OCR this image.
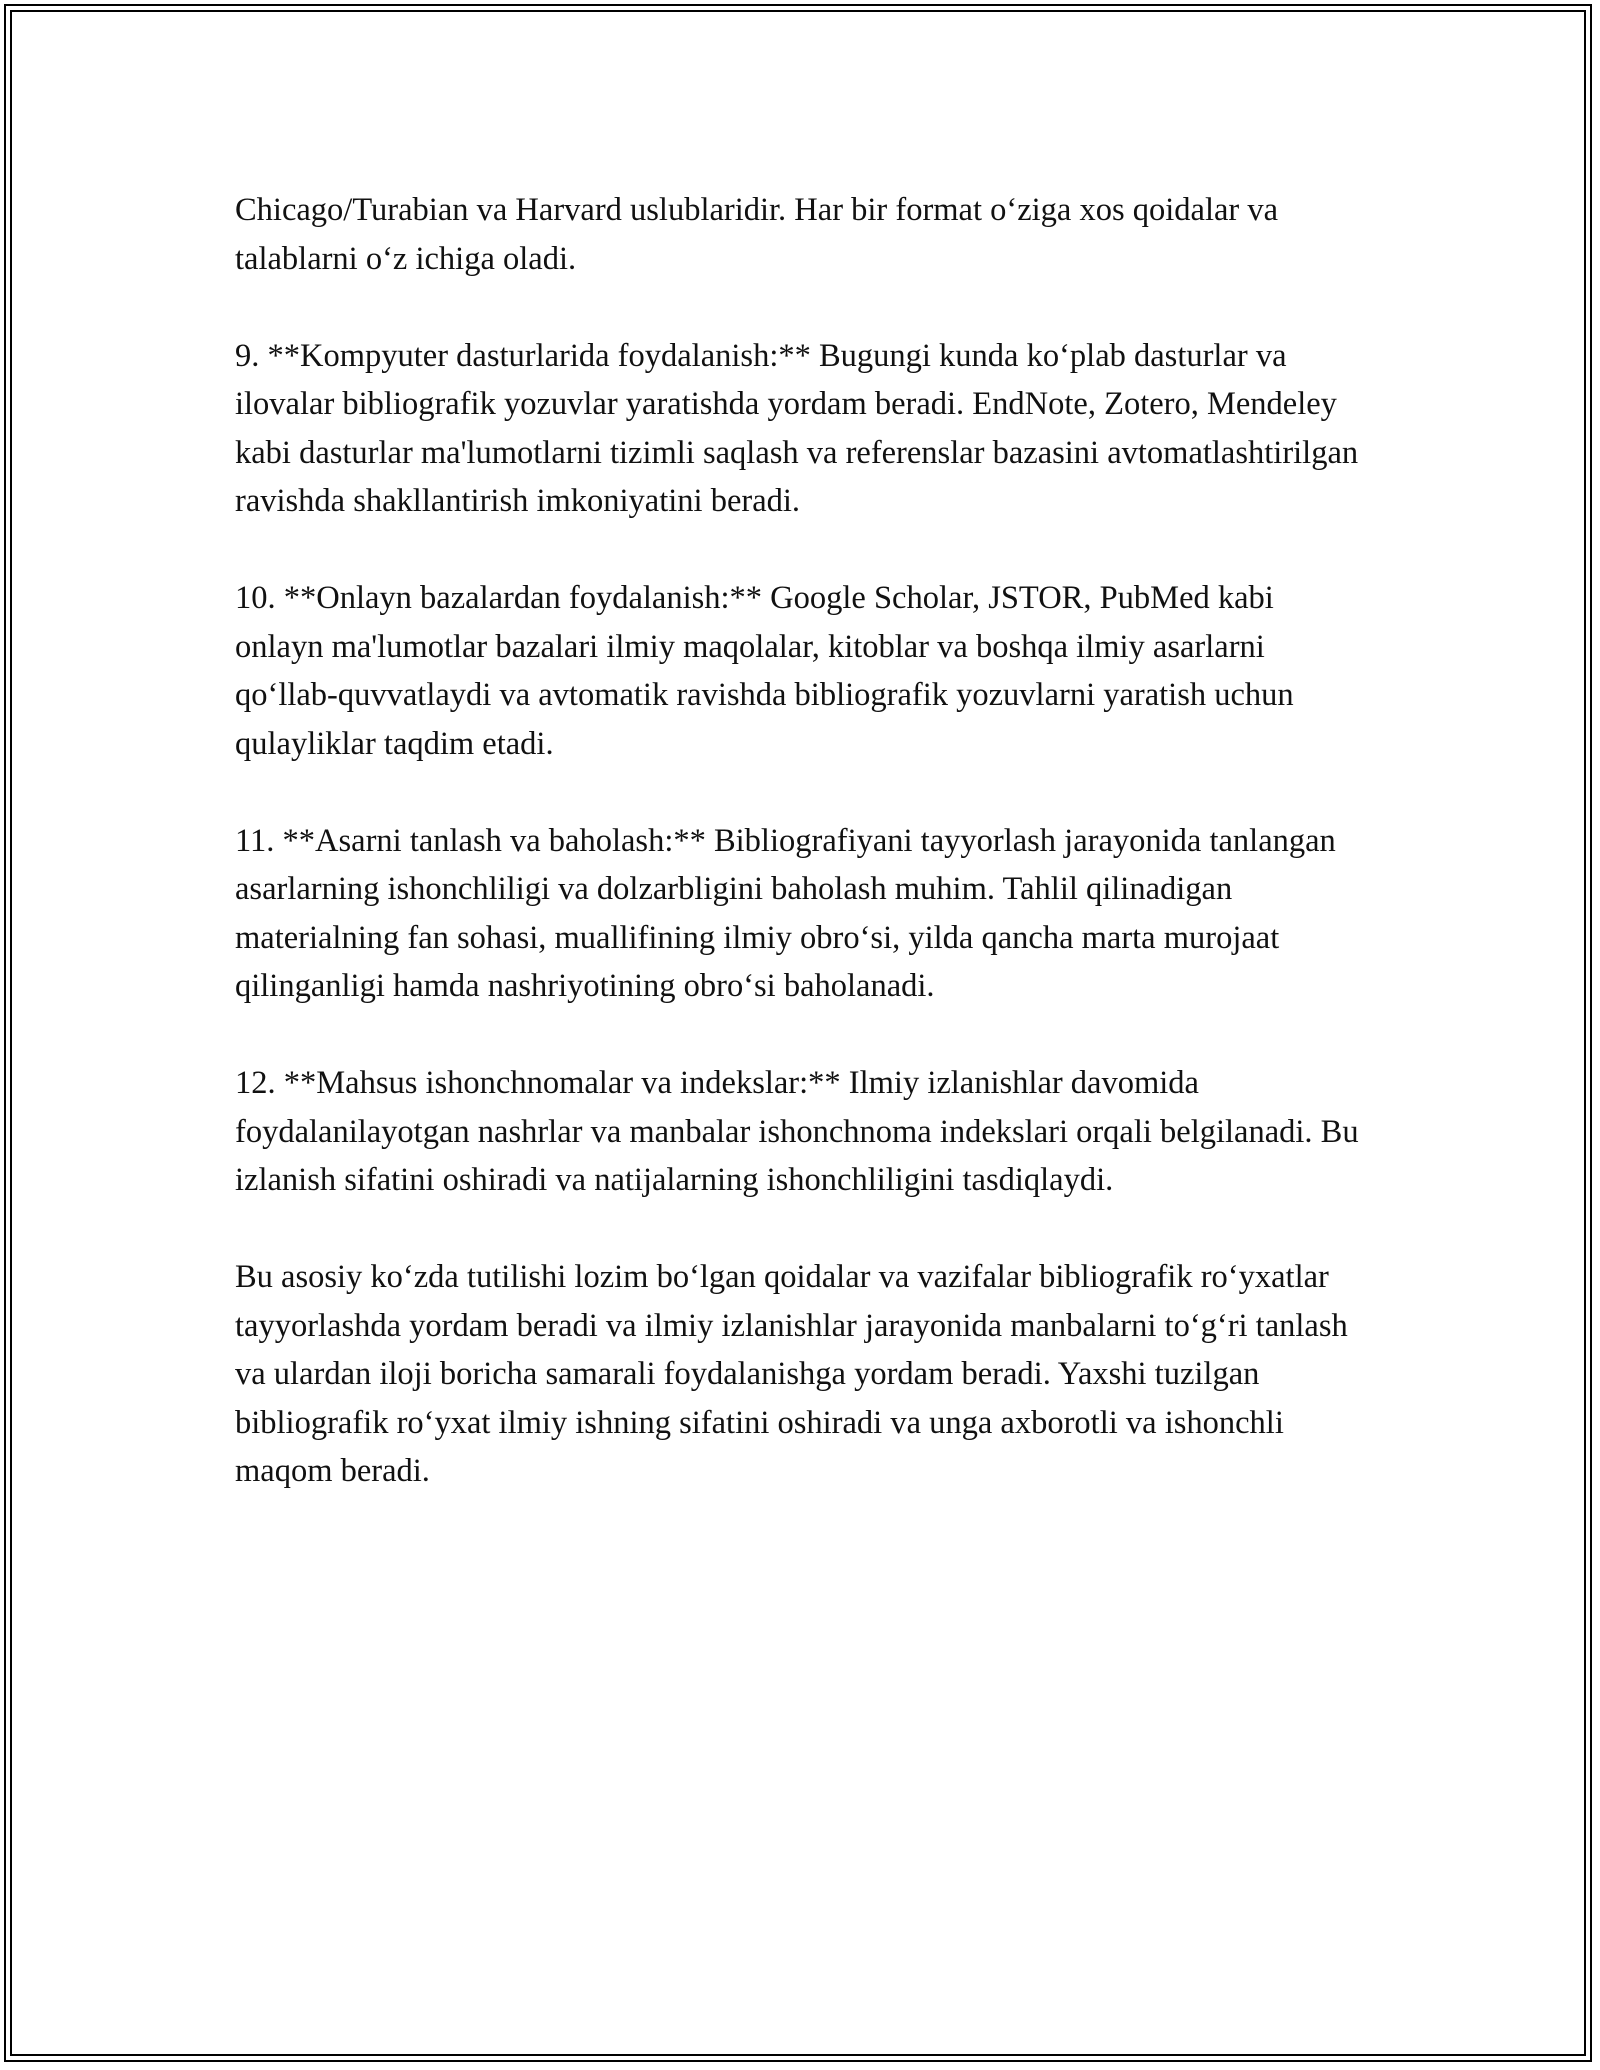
Chicago/Turabian va Harvard uslublaridir. Har bir format o‘ziga xos qoidalar va talablarni o‘z ichiga oladi.

9. **Kompyuter dasturlarida foydalanish:** Bugungi kunda ko‘plab dasturlar va ilovalar bibliografik yozuvlar yaratishda yordam beradi. EndNote, Zotero, Mendeley kabi dasturlar ma'lumotlarni tizimli saqlash va referenslar bazasini avtomatlashtirilgan ravishda shakllantirish imkoniyatini beradi.

10. **Onlayn bazalardan foydalanish:** Google Scholar, JSTOR, PubMed kabi onlayn ma'lumotlar bazalari ilmiy maqolalar, kitoblar va boshqa ilmiy asarlarni qo‘llab-quvvatlaydi va avtomatik ravishda bibliografik yozuvlarni yaratish uchun qulayliklar taqdim etadi.

11. **Asarni tanlash va baholash:** Bibliografiyani tayyorlash jarayonida tanlangan asarlarning ishonchliligi va dolzarbligini baholash muhim. Tahlil qilinadigan materialning fan sohasi, muallifining ilmiy obro‘si, yilda qancha marta murojaat qilinganligi hamda nashriyotining obro‘si baholanadi.

12. **Mahsus ishonchnomalar va indekslar:** Ilmiy izlanishlar davomida foydalanilayotgan nashrlar va manbalar ishonchnoma indekslari orqali belgilanadi. Bu izlanish sifatini oshiradi va natijalarning ishonchliligini tasdiqlaydi.

Bu asosiy ko‘zda tutilishi lozim bo‘lgan qoidalar va vazifalar bibliografik ro‘yxatlar tayyorlashda yordam beradi va ilmiy izlanishlar jarayonida manbalarni to‘g‘ri tanlash va ulardan iloji boricha samarali foydalanishga yordam beradi. Yaxshi tuzilgan bibliografik ro‘yxat ilmiy ishning sifatini oshiradi va unga axborotli va ishonchli maqom beradi.
